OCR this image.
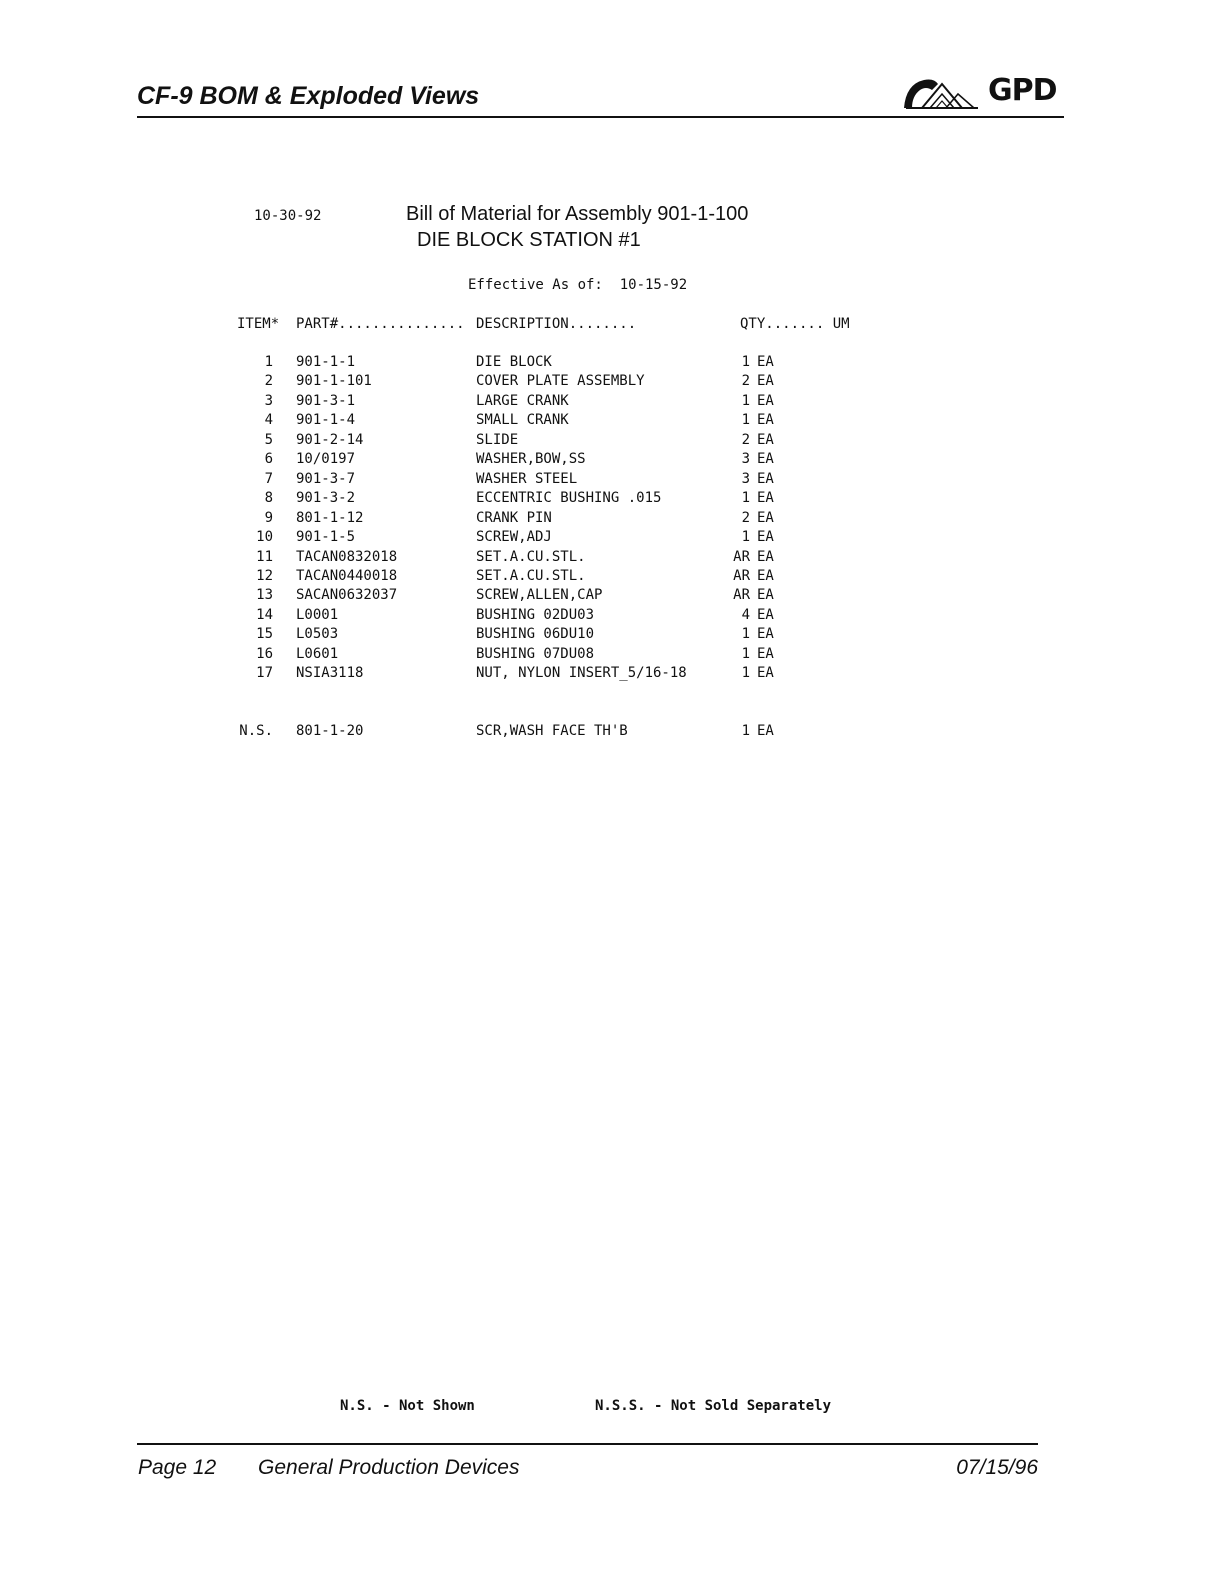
CF-9 BOM & Exploded Views	GPD
10-30-92	Bill of Material for Assembly 901-1-100
DIE BLOCK STATION #1
Effective As of:  10-15-92
ITEM* PART#............... DESCRIPTION........	QTY....... UM
1 901-1-1	DIE BLOCK	1 EA
2 901-1-101	COVER PLATE ASSEMBLY	2 EA
3 901-3-1	LARGE CRANK	1 EA
4 901-1-4	SMALL CRANK	1 EA
5 901-2-14	SLIDE	2 EA
6 10/0197	WASHER,BOW,SS	3 EA
7 901-3-7	WASHER STEEL	3 EA
8 901-3-2	ECCENTRIC BUSHING .015	1 EA
9 801-1-12	CRANK PIN	2 EA
10 901-1-5	SCREW,ADJ	1 EA
11 TACAN0832018	SET.A.CU.STL.	AR EA
12 TACAN0440018	SET.A.CU.STL.	AR EA
13 SACAN0632037	SCREW,ALLEN,CAP	AR EA
14 L0001	BUSHING 02DU03	4 EA
15 L0503	BUSHING 06DU10	1 EA
16 L0601	BUSHING 07DU08	1 EA
17 NSIA3118	NUT, NYLON INSERT_5/16-18	1 EA
N.S. 801-1-20	SCR,WASH FACE TH'B	1 EA
N.S. - Not Shown	N.S.S. - Not Sold Separately
Page 12 General Production Devices	07/15/96
